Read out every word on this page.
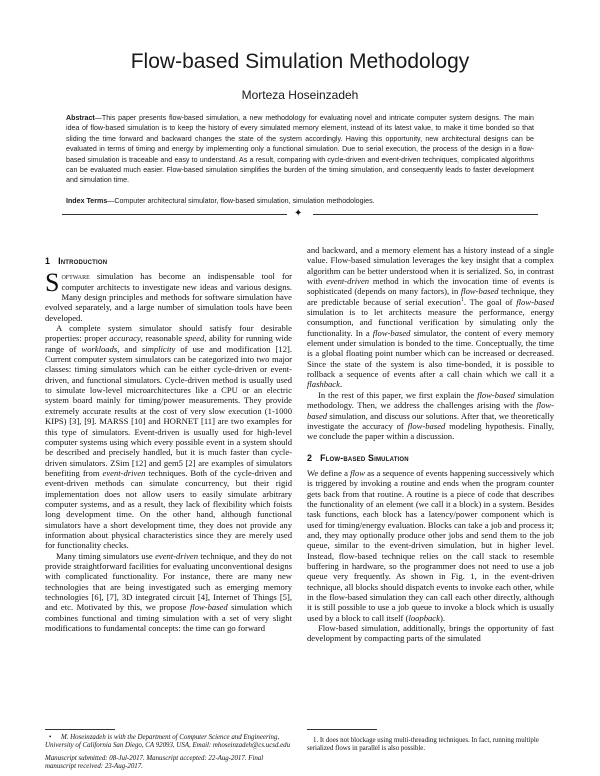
Flow-based Simulation Methodology
Morteza Hoseinzadeh
Abstract—This paper presents flow-based simulation, a new methodology for evaluating novel and intricate computer system designs. The main idea of flow-based simulation is to keep the history of every simulated memory element, instead of its latest value, to make it time bonded so that sliding the time forward and backward changes the state of the system accordingly. Having this opportunity, new architectural designs can be evaluated in terms of timing and energy by implementing only a functional simulation. Due to serial execution, the process of the design in a flow-based simulation is traceable and easy to understand. As a result, comparing with cycle-driven and event-driven techniques, complicated algorithms can be evaluated much easier. Flow-based simulation simplifies the burden of the timing simulation, and consequently leads to faster development and simulation time.
Index Terms—Computer architectural simulator, flow-based simulation, simulation methodologies.
✦
1 Introduction

Software simulation has become an indispensable tool for computer architects to investigate new ideas and various designs. Many design principles and methods for software simulation have evolved separately, and a large number of simulation tools have been developed.

A complete system simulator should satisfy four desirable properties: proper accuracy, reasonable speed, ability for running wide range of workloads, and simplicity of use and modification [12]. Current computer system simulators can be categorized into two major classes: timing simulators which can be either cycle-driven or event-driven, and functional simulators. Cycle-driven method is usually used to simulate low-level microarchitectures like a CPU or an electric system board mainly for timing/power measurements. They provide extremely accurate results at the cost of very slow execution (1-1000 KIPS) [3], [9]. MARSS [10] and HORNET [11] are two examples for this type of simulators. Event-driven is usually used for high-level computer systems using which every possible event in a system should be described and precisely handled, but it is much faster than cycle-driven simulators. ZSim [12] and gem5 [2] are examples of simulators benefiting from event-driven techniques. Both of the cycle-driven and event-driven methods can simulate concurrency, but their rigid implementation does not allow users to easily simulate arbitrary computer systems, and as a result, they lack of flexibility which foists long development time. On the other hand, although functional simulators have a short development time, they does not provide any information about physical characteristics since they are merely used for functionality checks.

Many timing simulators use event-driven technique, and they do not provide straightforward facilities for evaluating unconventional designs with complicated functionality. For instance, there are many new technologies that are being investigated such as emerging memory technologies [6], [7], 3D integrated circuit [4], Internet of Things [5], and etc. Motivated by this, we propose flow-based simulation which combines functional and timing simulation with a set of very slight modifications to fundamental concepts: the time can go forward

and backward, and a memory element has a history instead of a single value. Flow-based simulation leverages the key insight that a complex algorithm can be better understood when it is serialized. So, in contrast with event-driven method in which the invocation time of events is sophisticated (depends on many factors), in flow-based technique, they are predictable because of serial execution$^1$. The goal of flow-based simulation is to let architects measure the performance, energy consumption, and functional verification by simulating only the functionality. In a flow-based simulator, the content of every memory element under simulation is bonded to the time. Conceptually, the time is a global floating point number which can be increased or decreased. Since the state of the system is also time-bonded, it is possible to rollback a sequence of events after a call chain which we call it a flashback.

In the rest of this paper, we first explain the flow-based simulation methodology. Then, we address the challenges arising with the flow-based simulation, and discuss our solutions. After that, we theoretically investigate the accuracy of flow-based modeling hypothesis. Finally, we conclude the paper within a discussion.

2 Flow-based Simulation

We define a flow as a sequence of events happening successively which is triggered by invoking a routine and ends when the program counter gets back from that routine. A routine is a piece of code that describes the functionality of an element (we call it a block) in a system. Besides task functions, each block has a latency/power component which is used for timing/energy evaluation. Blocks can take a job and process it; and, they may optionally produce other jobs and send them to the job queue, similar to the event-driven simulation, but in higher level. Instead, flow-based technique relies on the call stack to resemble buffering in hardware, so the programmer does not need to use a job queue very frequently. As shown in Fig. 1, in the event-driven technique, all blocks should dispatch events to invoke each other, while in the flow-based simulation they can call each other directly, although it is still possible to use a job queue to invoke a block which is usually used by a block to call itself (loopback).

Flow-based simulation, additionally, brings the opportunity of fast development by compacting parts of the simulated

• M. Hoseinzadeh is with the Department of Computer Science and Engineering, University of California San Diego, CA 92093, USA, Email: mhoseinzadeh@cs.ucsd.edu
Manuscript submitted: 08-Jul-2017. Manuscript accepted: 22-Aug-2017. Final manuscript received: 23-Aug-2017.
1. It does not blockage using multi-threading techniques. In fact, running multiple serialized flows in parallel is also possible.
